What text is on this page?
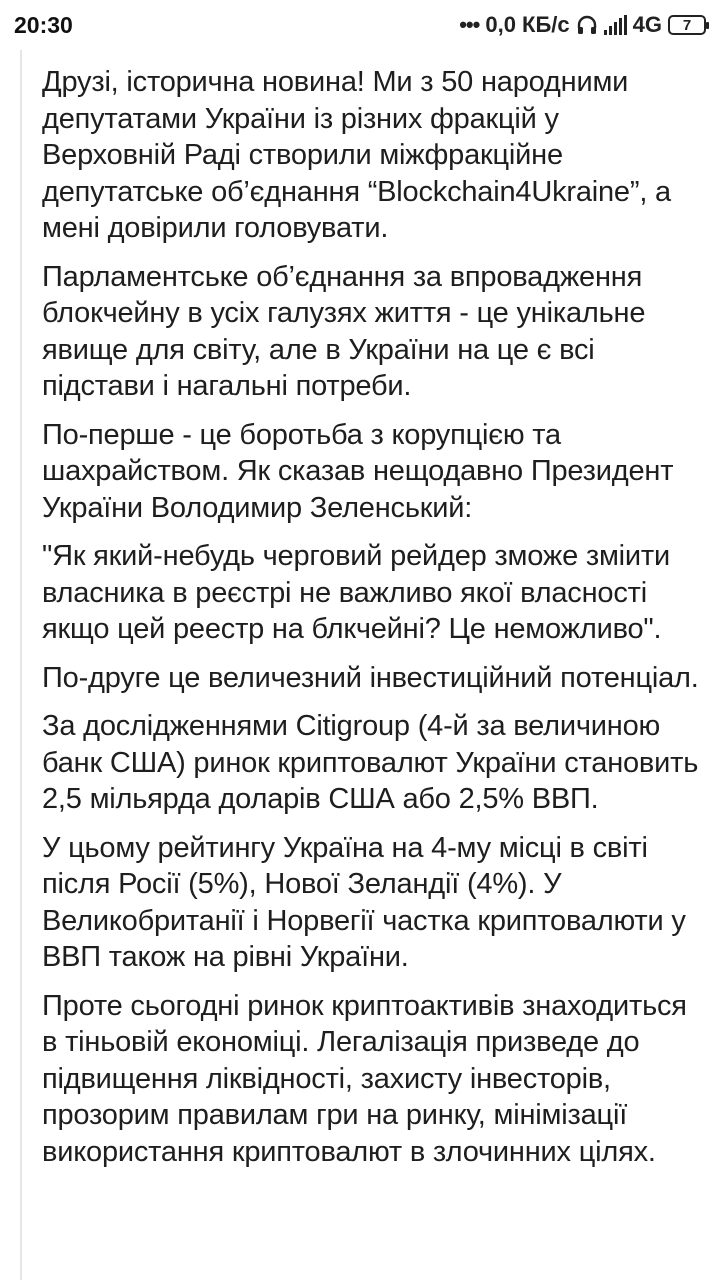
20:30	••• 0,0 КБ/с	4G	7

Друзі, історична новина! Ми з 50 народними депутатами України із різних фракцій у Верховній Раді створили міжфракційне депутатське об’єднання “Blockchain4Ukraine”, а мені довірили головувати.

Парламентське об’єднання за впровадження блокчейну в усіх галузях життя - це унікальне явище для світу, але в України на це є всі підстави і нагальні потреби.

По-перше - це боротьба з корупцією та шахрайством. Як сказав нещодавно Президент України Володимир Зеленський:

"Як який-небудь черговий рейдер зможе зміити власника в реєстрі не важливо якої власності якщо цей реестр на блкчейні? Це неможливо".

По-друге це величезний інвестиційний потенціал.

За дослідженнями Citigroup (4-й за величиною банк США) ринок криптовалют України становить 2,5 мільярда доларів США або 2,5% ВВП.

У цьому рейтингу Україна на 4-му місці в світі після Росії (5%), Нової Зеландії (4%). У Великобританії і Норвегії частка криптовалюти у ВВП також на рівні України.

Проте сьогодні ринок криптоактивів знаходиться в тіньовій економіці. Легалізація призведе до підвищення ліквідності, захисту інвесторів, прозорим правилам гри на ринку, мінімізації використання криптовалют в злочинних цілях.
